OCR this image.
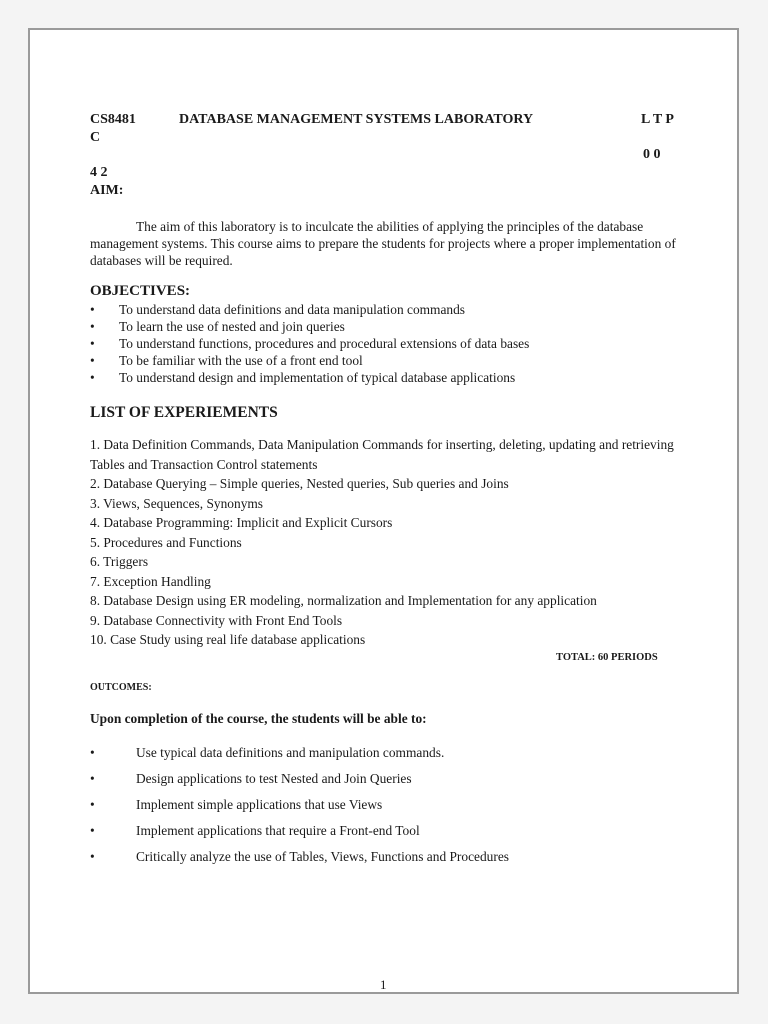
CS8481	DATABASE MANAGEMENT SYSTEMS LABORATORY	L T P
C
0 0
4 2
AIM:
The aim of this laboratory is to inculcate the abilities of applying the principles of the database management systems. This course aims to prepare the students for projects where a proper implementation of databases will be required.
OBJECTIVES:
• To understand data definitions and data manipulation commands
• To learn the use of nested and join queries
• To understand functions, procedures and procedural extensions of data bases
• To be familiar with the use of a front end tool
• To understand design and implementation of typical database applications
LIST OF EXPERIEMENTS
1. Data Definition Commands, Data Manipulation Commands for inserting, deleting, updating and retrieving Tables and Transaction Control statements
2. Database Querying – Simple queries, Nested queries, Sub queries and Joins
3. Views, Sequences, Synonyms
4. Database Programming: Implicit and Explicit Cursors
5. Procedures and Functions
6. Triggers
7. Exception Handling
8. Database Design using ER modeling, normalization and Implementation for any application
9. Database Connectivity with Front End Tools
10. Case Study using real life database applications
TOTAL: 60 PERIODS
OUTCOMES:
Upon completion of the course, the students will be able to:
• Use typical data definitions and manipulation commands.
• Design applications to test Nested and Join Queries
• Implement simple applications that use Views
• Implement applications that require a Front-end Tool
• Critically analyze the use of Tables, Views, Functions and Procedures
1
